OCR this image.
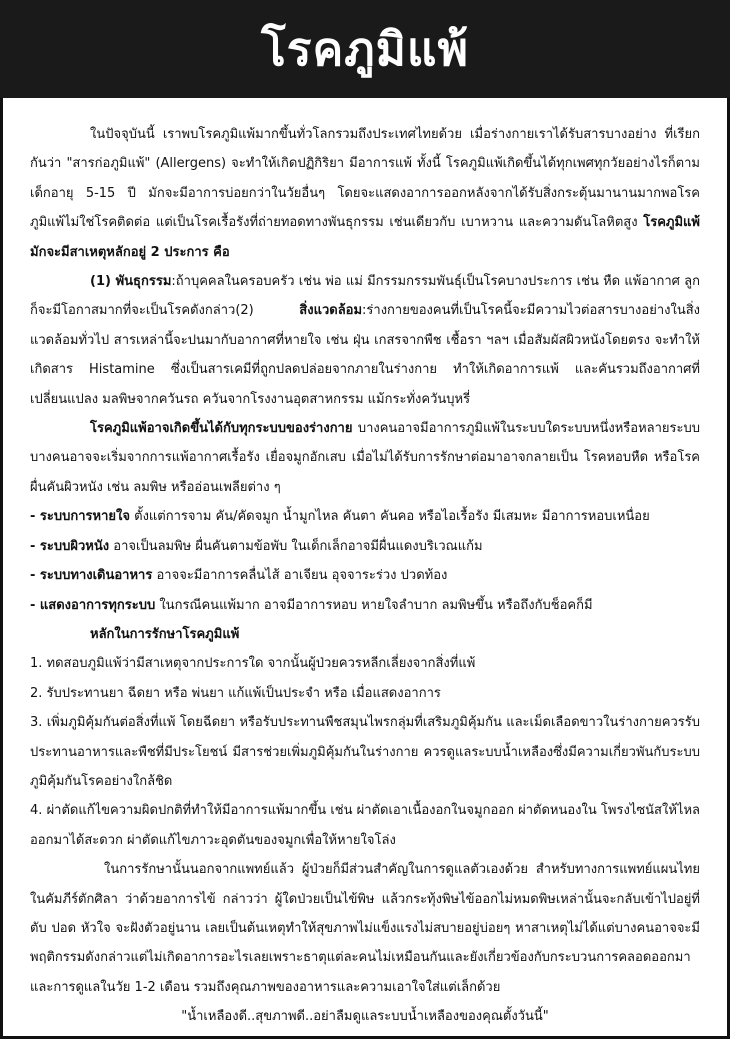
โรคภูมิแพ้

ในปัจจุบันนี้ เราพบโรคภูมิแพ้มากขึ้นทั่วโลกรวมถึงประเทศไทยด้วย เมื่อร่างกายเราได้รับสารบางอย่าง ที่เรียกกันว่า "สารก่อภูมิแพ้" (Allergens) จะทำให้เกิดปฏิกิริยา มีอาการแพ้ ทั้งนี้ โรคภูมิแพ้เกิดขึ้นได้ทุกเพศทุกวัยอย่างไรก็ตาม เด็กอายุ 5-15 ปี มักจะมีอาการบ่อยกว่าในวัยอื่นๆ โดยจะแสดงอาการออกหลังจากได้รับสิ่งกระตุ้นมานานมากพอโรคภูมิแพ้ไม่ใช่โรคติดต่อ แต่เป็นโรคเรื้อรังที่ถ่ายทอดทางพันธุกรรม เช่นเดียวกับ เบาหวาน และความดันโลหิตสูง โรคภูมิแพ้ มักจะมีสาเหตุหลักอยู่ 2 ประการ คือ

(1) พันธุกรรม:ถ้าบุคคลในครอบครัว เช่น พ่อ แม่ มีกรรมกรรมพันธุ์เป็นโรคบางประการ เช่น หืด แพ้อากาศ ลูกก็จะมีโอกาสมากที่จะเป็นโรคดังกล่าว(2) สิ่งแวดล้อม:ร่างกายของคนที่เป็นโรคนี้จะมีความไวต่อสารบางอย่างในสิ่งแวดล้อมทั่วไป สารเหล่านี้จะปนมากับอากาศที่หายใจ เช่น ฝุ่น เกสรจากพืช เชื้อรา ฯลฯ เมื่อสัมผัสผิวหนังโดยตรง จะทำให้เกิดสาร Histamine ซึ่งเป็นสารเคมีที่ถูกปลดปล่อยจากภายในร่างกาย ทำให้เกิดอาการแพ้ และคันรวมถึงอากาศที่เปลี่ยนแปลง มลพิษจากควันรถ ควันจากโรงงานอุตสาหกรรม แม้กระทั่งควันบุหรี่

โรคภูมิแพ้อาจเกิดขึ้นได้กับทุกระบบของร่างกาย บางคนอาจมีอาการภูมิแพ้ในระบบใดระบบหนึ่งหรือหลายระบบ บางคนอาจจะเริ่มจากการแพ้อากาศเรื้อรัง เยื่อจมูกอักเสบ เมื่อไม่ได้รับการรักษาต่อมาอาจกลายเป็น โรคหอบหืด หรือโรคผื่นคันผิวหนัง เช่น ลมพิษ หรืออ่อนเพลียต่าง ๆ

- ระบบการหายใจ ตั้งแต่การจาม คัน/คัดจมูก น้ำมูกไหล คันตา คันคอ หรือไอเรื้อรัง มีเสมหะ มีอาการหอบเหนื่อย

- ระบบผิวหนัง อาจเป็นลมพิษ ผื่นคันตามข้อพับ ในเด็กเล็กอาจมีผื่นแดงบริเวณแก้ม

- ระบบทางเดินอาหาร อาจจะมีอาการคลื่นไส้ อาเจียน อุจจาระร่วง ปวดท้อง

- แสดงอาการทุกระบบ ในกรณีคนแพ้มาก อาจมีอาการหอบ หายใจลำบาก ลมพิษขึ้น หรือถึงกับช็อคก็มี

หลักในการรักษาโรคภูมิแพ้

1. ทดสอบภูมิแพ้ว่ามีสาเหตุจากประการใด จากนั้นผู้ป่วยควรหลีกเลี่ยงจากสิ่งที่แพ้

2. รับประทานยา ฉีดยา หรือ พ่นยา แก้แพ้เป็นประจำ หรือ เมื่อแสดงอาการ

3. เพิ่มภูมิคุ้มกันต่อสิ่งที่แพ้ โดยฉีดยา หรือรับประทานพืชสมุนไพรกลุ่มที่เสริมภูมิคุ้มกัน และเม็ดเลือดขาวในร่างกายควรรับประทานอาหารและพืชที่มีประโยชน์ มีสารช่วยเพิ่มภูมิคุ้มกันในร่างกาย ควรดูแลระบบน้ำเหลืองซึ่งมีความเกี่ยวพันกับระบบภูมิคุ้มกันโรคอย่างใกล้ชิด

4. ผ่าตัดแก้ไขความผิดปกติที่ทำให้มีอาการแพ้มากขึ้น เช่น ผ่าตัดเอาเนื้องอกในจมูกออก ผ่าตัดหนองใน โพรงไซนัสให้ไหลออกมาได้สะดวก ผ่าตัดแก้ไขภาวะอุดตันของจมูกเพื่อให้หายใจโล่ง

ในการรักษานั้นนอกจากแพทย์แล้ว ผู้ป่วยก็มีส่วนสำคัญในการดูแลตัวเองด้วย สำหรับทางการแพทย์แผนไทย ในคัมภีร์ตักศิลา ว่าด้วยอาการไข้ กล่าวว่า ผู้ใดป่วยเป็นไข้พิษ แล้วกระทุ้งพิษไข้ออกไม่หมดพิษเหล่านั้นจะกลับเข้าไปอยู่ที่ตับ ปอด หัวใจ จะฝังตัวอยู่นาน เลยเป็นต้นเหตุทำให้สุขภาพไม่แข็งแรงไม่สบายอยู่บ่อยๆ หาสาเหตุไม่ได้แต่บางคนอาจจะมีพฤติกรรมดังกล่าวแต่ไม่เกิดอาการอะไรเลยเพราะธาตุแต่ละคนไม่เหมือนกันและยังเกี่ยวข้องกับกระบวนการคลอดออกมาและการดูแลในวัย 1-2 เดือน รวมถึงคุณภาพของอาหารและความเอาใจใส่แต่เล็กด้วย

"น้ำเหลืองดี..สุขภาพดี..อย่าลืมดูแลระบบน้ำเหลืองของคุณตั้งวันนี้"
